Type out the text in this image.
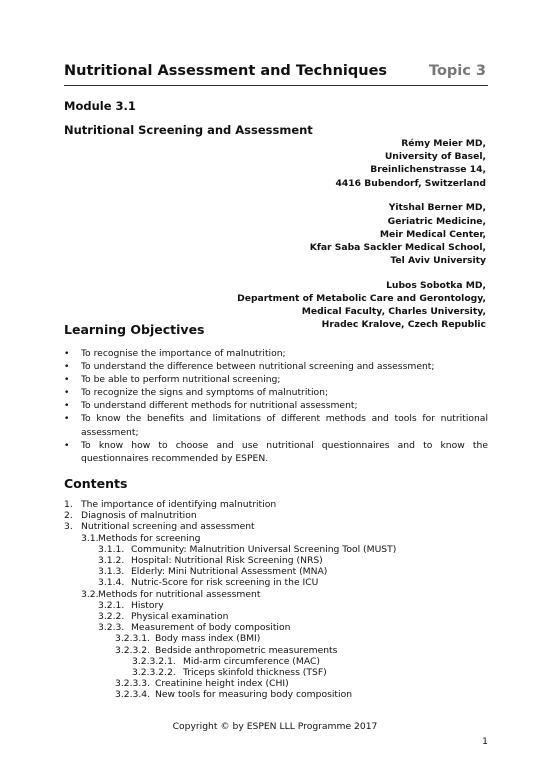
Nutritional Assessment and Techniques	Topic 3
Module 3.1
Nutritional Screening and Assessment
Rémy Meier MD,
University of Basel,
Breinlichenstrasse 14,
4416 Bubendorf, Switzerland
Yitshal Berner MD,
Geriatric Medicine,
Meir Medical Center,
Kfar Saba Sackler Medical School,
Tel Aviv University
Lubos Sobotka MD,
Department of Metabolic Care and Gerontology,
Medical Faculty, Charles University,
Hradec Kralove, Czech Republic
Learning Objectives
• To recognise the importance of malnutrition;
• To understand the difference between nutritional screening and assessment;
• To be able to perform nutritional screening;
• To recognize the signs and symptoms of malnutrition;
• To understand different methods for nutritional assessment;
• To know the benefits and limitations of different methods and tools for nutritional assessment;
• To know how to choose and use nutritional questionnaires and to know the questionnaires recommended by ESPEN.
Contents
1. The importance of identifying malnutrition
2. Diagnosis of malnutrition
3. Nutritional screening and assessment
3.1.Methods for screening
3.1.1. Community: Malnutrition Universal Screening Tool (MUST)
3.1.2. Hospital: Nutritional Risk Screening (NRS)
3.1.3. Elderly: Mini Nutritional Assessment (MNA)
3.1.4. Nutric-Score for risk screening in the ICU
3.2.Methods for nutritional assessment
3.2.1. History
3.2.2. Physical examination
3.2.3. Measurement of body composition
3.2.3.1. Body mass index (BMI)
3.2.3.2. Bedside anthropometric measurements
3.2.3.2.1. Mid-arm circumference (MAC)
3.2.3.2.2. Triceps skinfold thickness (TSF)
3.2.3.3. Creatinine height index (CHI)
3.2.3.4. New tools for measuring body composition
Copyright © by ESPEN LLL Programme 2017
1
